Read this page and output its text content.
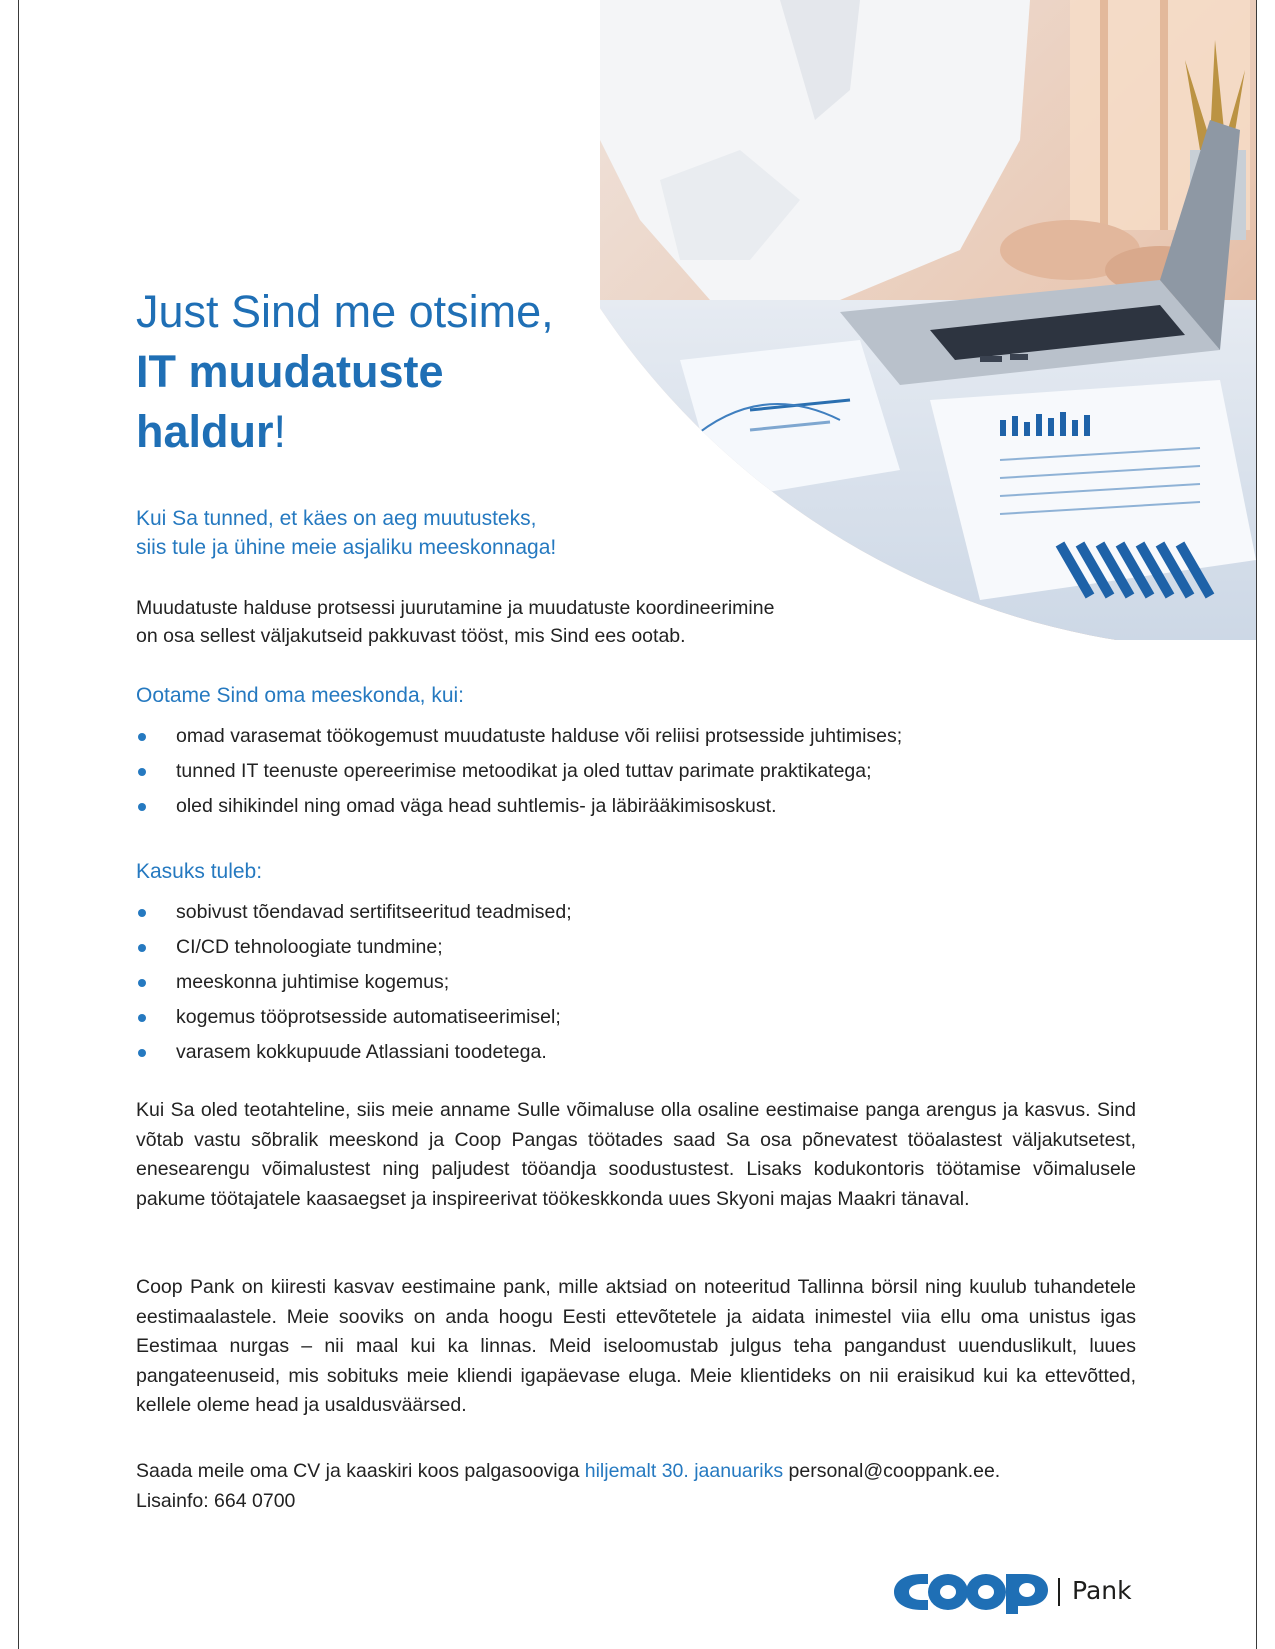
Just Sind me otsime,
IT muudatuste
haldur!
Kui Sa tunned, et käes on aeg muutusteks,
siis tule ja ühine meie asjaliku meeskonnaga!
Muudatuste halduse protsessi juurutamine ja muudatuste koordineerimine
on osa sellest väljakutseid pakkuvast tööst, mis Sind ees ootab.
Ootame Sind oma meeskonda, kui:
omad varasemat töökogemust muudatuste halduse või reliisi protsesside juhtimises;
tunned IT teenuste opereerimise metoodikat ja oled tuttav parimate praktikatega;
oled sihikindel ning omad väga head suhtlemis- ja läbirääkimisoskust.
Kasuks tuleb:
sobivust tõendavad sertifitseeritud teadmised;
CI/CD tehnoloogiate tundmine;
meeskonna juhtimise kogemus;
kogemus tööprotsesside automatiseerimisel;
varasem kokkupuude Atlassiani toodetega.
Kui Sa oled teotahteline, siis meie anname Sulle võimaluse olla osaline eestimaise panga arengus ja kasvus. Sind võtab vastu sõbralik meeskond ja Coop Pangas töötades saad Sa osa põnevatest tööalastest väljakutsetest, enesearengu võimalustest ning paljudest tööandja soodustustest. Lisaks kodukontoris töötamise võimalusele pakume töötajatele kaasaegset ja inspireerivat töökeskkonda uues Skyoni majas Maakri tänaval.
Coop Pank on kiiresti kasvav eestimaine pank, mille aktsiad on noteeritud Tallinna börsil ning kuulub tuhandetele eestimaalastele. Meie sooviks on anda hoogu Eesti ettevõtetele ja aidata inimestel viia ellu oma unistus igas Eestimaa nurgas – nii maal kui ka linnas. Meid iseloomustab julgus teha pangandust uuenduslikult, luues pangateenuseid, mis sobituks meie kliendi igapäevase eluga. Meie klientideks on nii eraisikud kui ka ettevõtted, kellele oleme head ja usaldusväärsed.
Saada meile oma CV ja kaaskiri koos palgasooviga hiljemalt 30. jaanuariks personal@cooppank.ee.
Lisainfo: 664 0700
Pank
